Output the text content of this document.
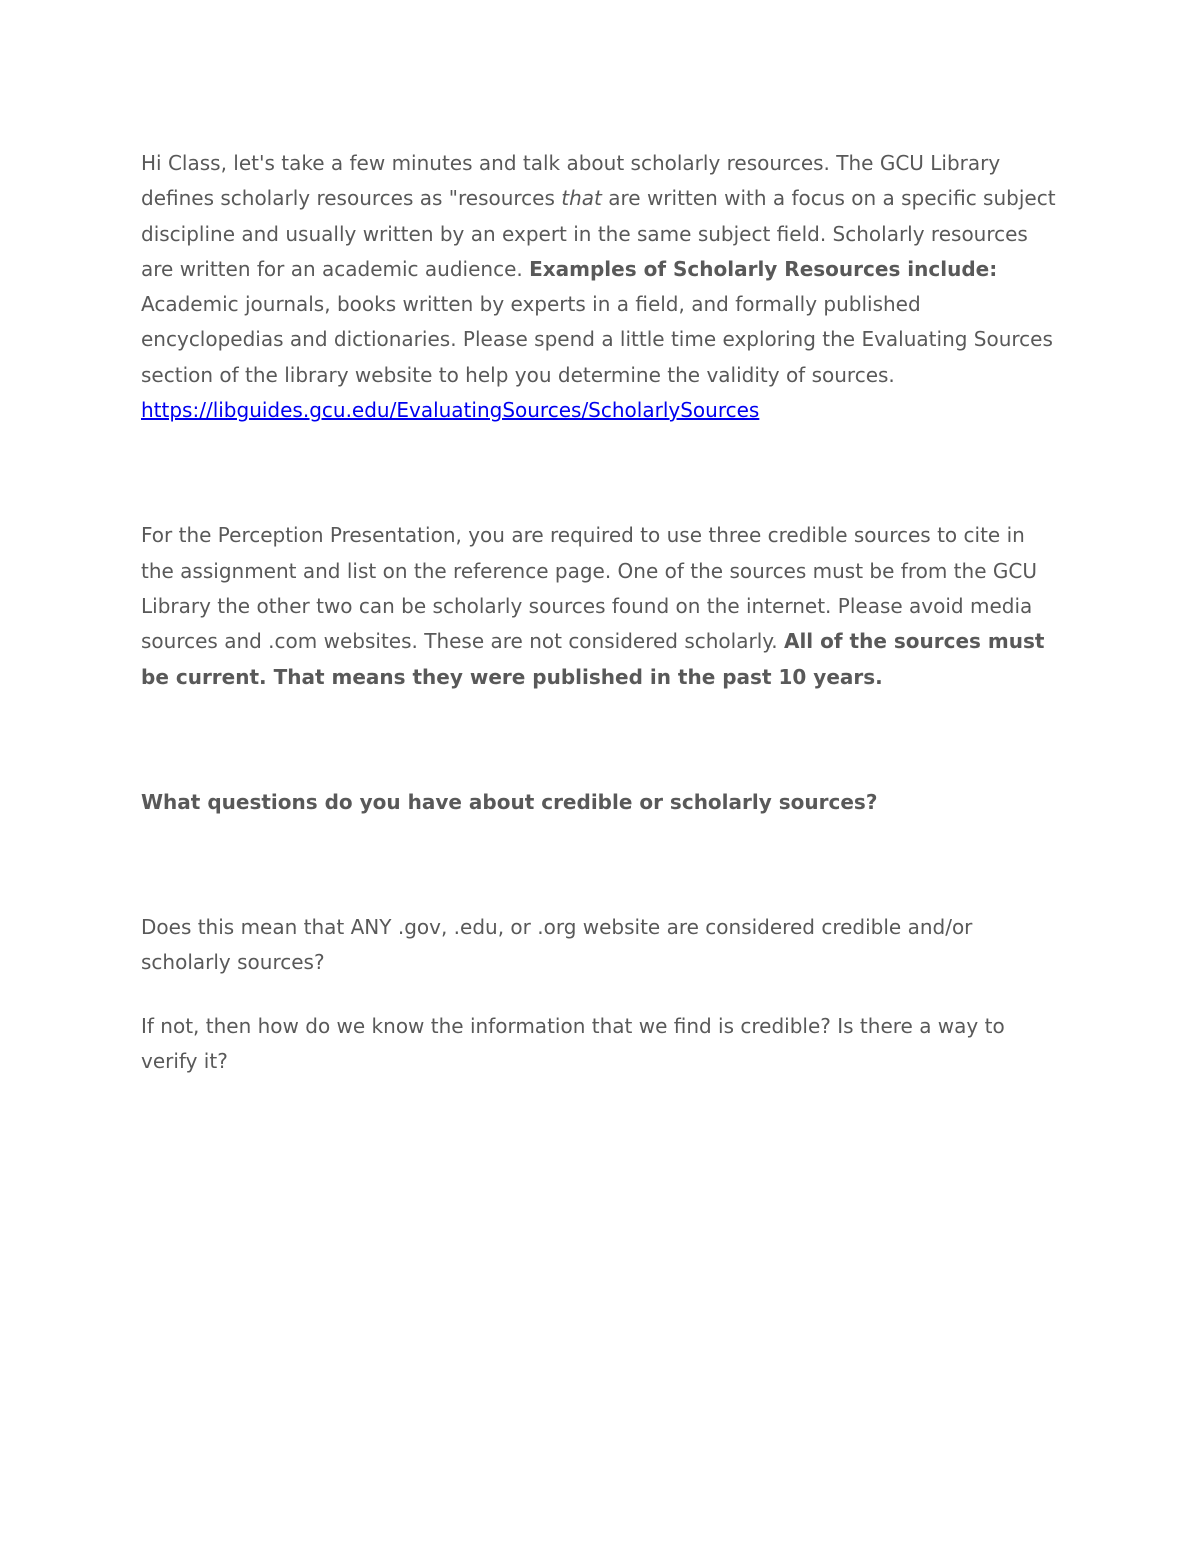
Hi Class, let's take a few minutes and talk about scholarly resources. The GCU Library defines scholarly resources as "resources that are written with a focus on a specific subject discipline and usually written by an expert in the same subject field. Scholarly resources are written for an academic audience. Examples of Scholarly Resources include: Academic journals, books written by experts in a field, and formally published encyclopedias and dictionaries. Please spend a little time exploring the Evaluating Sources section of the library website to help you determine the validity of sources. https://libguides.gcu.edu/EvaluatingSources/ScholarlySources

For the Perception Presentation, you are required to use three credible sources to cite in the assignment and list on the reference page. One of the sources must be from the GCU Library the other two can be scholarly sources found on the internet. Please avoid media sources and .com websites. These are not considered scholarly. All of the sources must be current. That means they were published in the past 10 years.

What questions do you have about credible or scholarly sources?

Does this mean that ANY .gov, .edu, or .org website are considered credible and/or scholarly sources?

If not, then how do we know the information that we find is credible? Is there a way to verify it?
